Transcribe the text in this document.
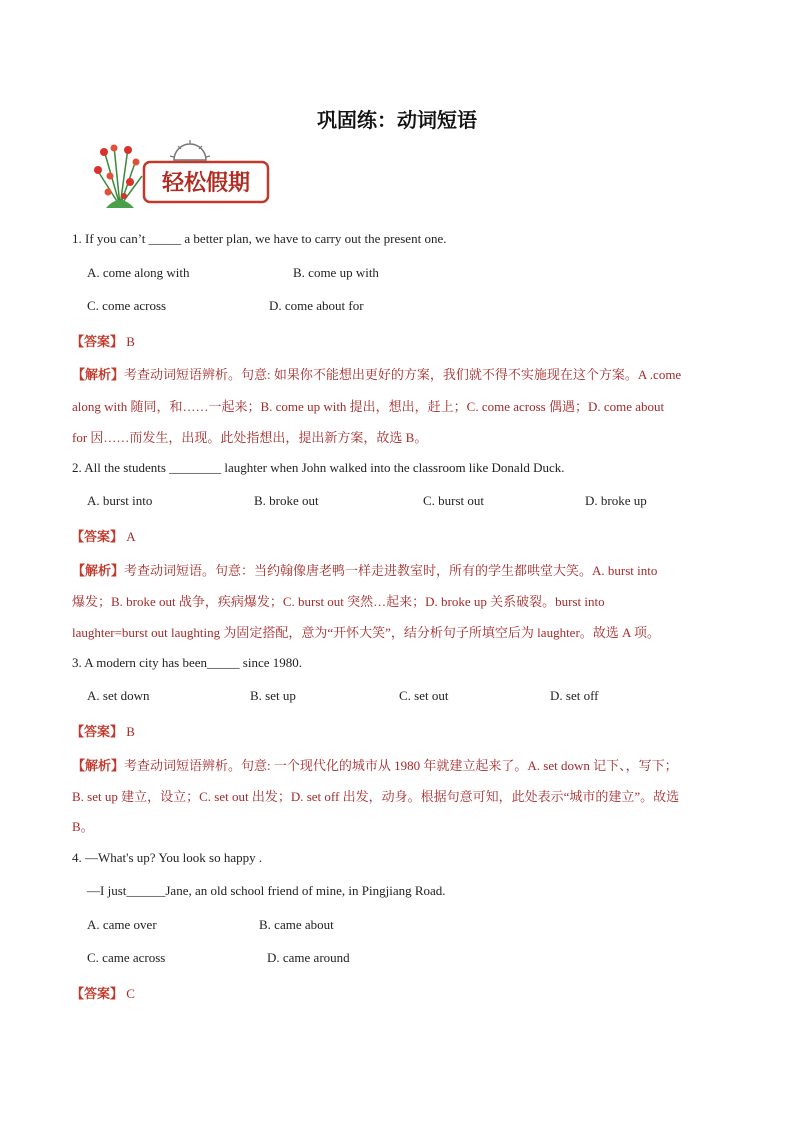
巩固练：动词短语
轻松假期
1. If you can’t _____ a better plan, we have to carry out the present one.
A. come along with	B. come up with
C. come across	D. come about for
【答案】 B
【解析】考查动词短语辨析。句意: 如果你不能想出更好的方案，我们就不得不实施现在这个方案。A .come
along with 随同，和……一起来；B. come up with 提出，想出，赶上；C. come across 偶遇；D. come about
for 因……而发生，出现。此处指想出，提出新方案，故选 B。
2. All the students ________ laughter when John walked into the classroom like Donald Duck.
A. burst into	B. broke out	C. burst out	D. broke up
【答案】 A
【解析】考查动词短语。句意：当约翰像唐老鸭一样走进教室时，所有的学生都哄堂大笑。A. burst into
爆发；B. broke out 战争，疾病爆发；C. burst out 突然…起来；D. broke up 关系破裂。burst into
laughter=burst out laughting 为固定搭配，意为“开怀大笑”，结分析句子所填空后为 laughter。故选 A 项。
3. A modern city has been_____ since 1980.
A. set down	B. set up	C. set out	D. set off
【答案】 B
【解析】考查动词短语辨析。句意: 一个现代化的城市从 1980 年就建立起来了。A. set down 记下、，写下；
B. set up 建立，设立；C. set out 出发；D. set off 出发，动身。根据句意可知，此处表示“城市的建立”。故选
B。
4. —What's up? You look so happy .
—I just______Jane, an old school friend of mine, in Pingjiang Road.
A. came over	B. came about
C. came across	D. came around
【答案】 C
